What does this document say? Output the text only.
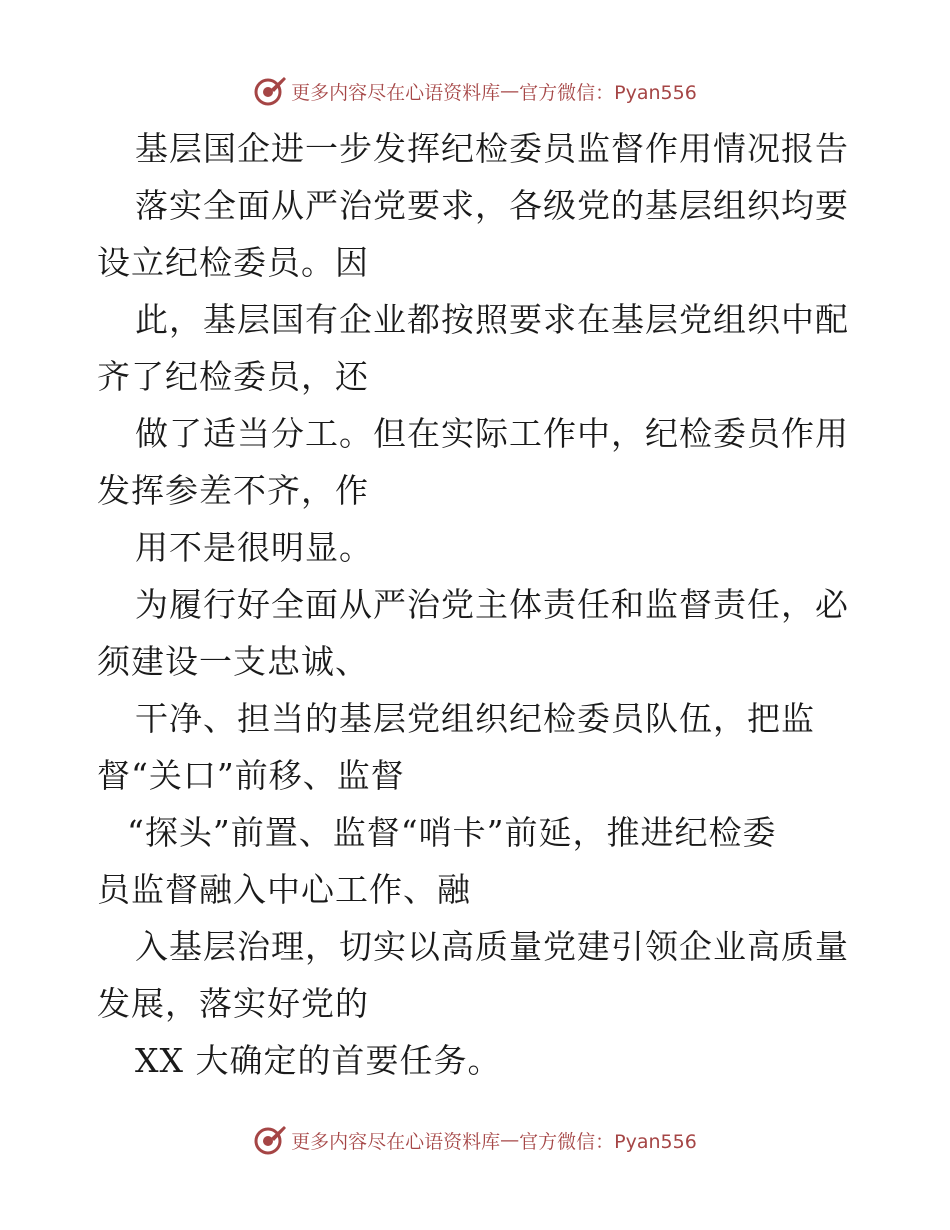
更多内容尽在心语资料库 — 官方微信：Pyan556
基层国企进一步发挥纪检委员监督作用情况报告
落实全面从严治党要求，各级党的基层组织均要
设立纪检委员。因
此，基层国有企业都按照要求在基层党组织中配
齐了纪检委员，还
做了适当分工。但在实际工作中，纪检委员作用
发挥参差不齐，作
用不是很明显。
为履行好全面从严治党主体责任和监督责任，必
须建设一支忠诚、
干净、担当的基层党组织纪检委员队伍，把监
督“关口”前移、监督
“探头”前置、监督“哨卡”前延，推进纪检委
员监督融入中心工作、融
入基层治理，切实以高质量党建引领企业高质量
发展，落实好党的
XX 大确定的首要任务。
更多内容尽在心语资料库 — 官方微信：Pyan556
